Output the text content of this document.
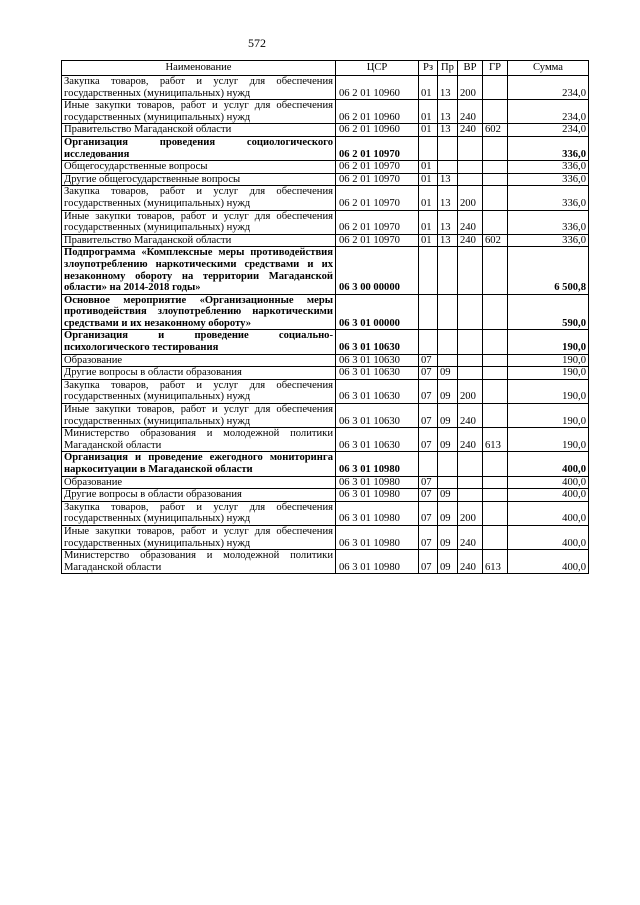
572
Наименование	ЦСР	Рз	Пр	ВР	ГР	Сумма
Закупка товаров, работ и услуг для обеспечения государственных (муниципальных) нужд	06 2 01 10960	01	13	200		234,0
Иные закупки товаров, работ и услуг для обеспечения государственных (муниципальных) нужд	06 2 01 10960	01	13	240		234,0
Правительство Магаданской области	06 2 01 10960	01	13	240	602	234,0
Организация проведения социологического исследования	06 2 01 10970					336,0
Общегосударственные вопросы	06 2 01 10970	01				336,0
Другие общегосударственные вопросы	06 2 01 10970	01	13			336,0
Закупка товаров, работ и услуг для обеспечения государственных (муниципальных) нужд	06 2 01 10970	01	13	200		336,0
Иные закупки товаров, работ и услуг для обеспечения государственных (муниципальных) нужд	06 2 01 10970	01	13	240		336,0
Правительство Магаданской области	06 2 01 10970	01	13	240	602	336,0
Подпрограмма «Комплексные меры противодействия злоупотреблению наркотическими средствами и их незаконному обороту на территории Магаданской области» на 2014-2018 годы»	06 3 00 00000					6 500,8
Основное мероприятие «Организационные меры противодействия злоупотреблению наркотическими средствами и их незаконному обороту»	06 3 01 00000					590,0
Организация и проведение социально-психологического тестирования	06 3 01 10630					190,0
Образование	06 3 01 10630	07				190,0
Другие вопросы в области образования	06 3 01 10630	07	09			190,0
Закупка товаров, работ и услуг для обеспечения государственных (муниципальных) нужд	06 3 01 10630	07	09	200		190,0
Иные закупки товаров, работ и услуг для обеспечения государственных (муниципальных) нужд	06 3 01 10630	07	09	240		190,0
Министерство образования и молодежной политики Магаданской области	06 3 01 10630	07	09	240	613	190,0
Организация и проведение ежегодного мониторинга наркоситуации в Магаданской области	06 3 01 10980					400,0
Образование	06 3 01 10980	07				400,0
Другие вопросы в области образования	06 3 01 10980	07	09			400,0
Закупка товаров, работ и услуг для обеспечения государственных (муниципальных) нужд	06 3 01 10980	07	09	200		400,0
Иные закупки товаров, работ и услуг для обеспечения государственных (муниципальных) нужд	06 3 01 10980	07	09	240		400,0
Министерство образования и молодежной политики Магаданской области	06 3 01 10980	07	09	240	613	400,0
